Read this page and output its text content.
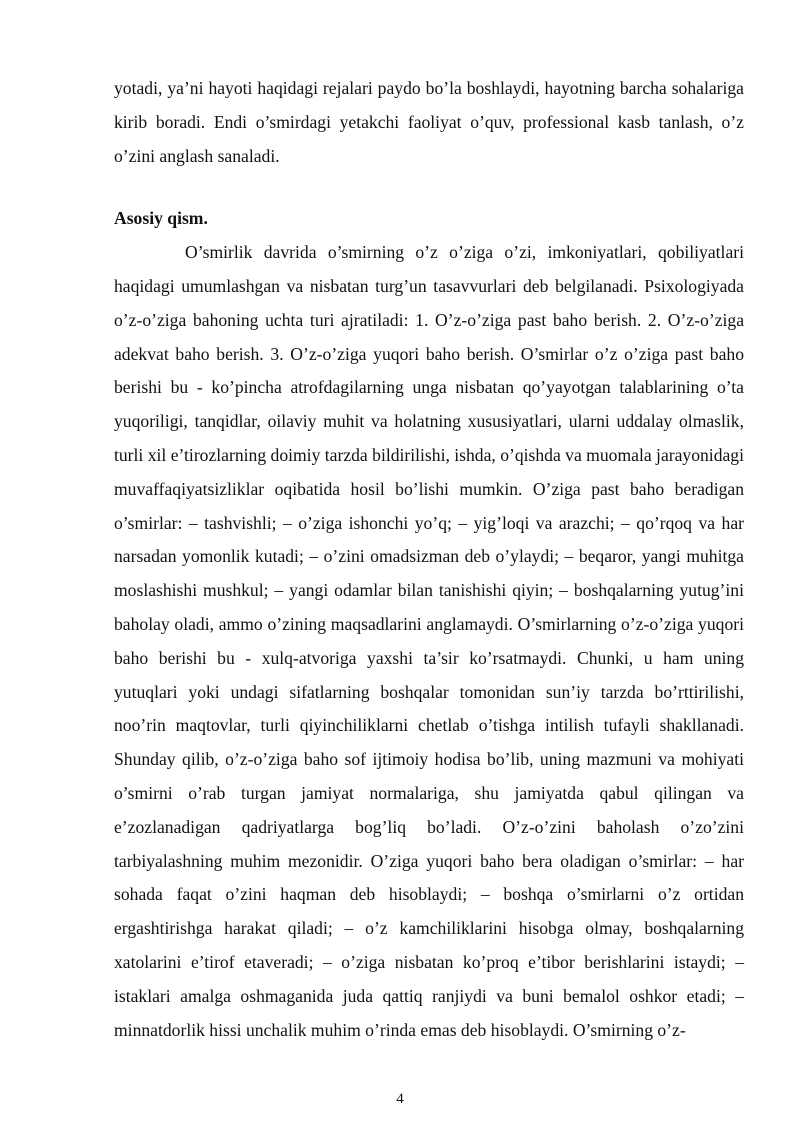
yotadi, ya’ni hayoti haqidagi rejalari paydo bo’la boshlaydi, hayotning barcha sohalariga kirib boradi. Endi o’smirdagi yetakchi faoliyat o’quv, professional kasb tanlash, o’z o’zini anglash sanaladi.

Asosiy qism.

O’smirlik davrida o’smirning o’z o’ziga o’zi, imkoniyatlari, qobiliyatlari haqidagi umumlashgan va nisbatan turg’un tasavvurlari deb belgilanadi. Psixologiyada o’z-o’ziga bahoning uchta turi ajratiladi: 1. O’z-o’ziga past baho berish. 2. O’z-o’ziga adekvat baho berish. 3. O’z-o’ziga yuqori baho berish. O’smirlar o’z o’ziga past baho berishi bu - ko’pincha atrofdagilarning unga nisbatan qo’yayotgan talablarining o’ta yuqoriligi, tanqidlar, oilaviy muhit va holatning xususiyatlari, ularni uddalay olmaslik, turli xil e’tirozlarning doimiy tarzda bildirilishi, ishda, o’qishda va muomala jarayonidagi muvaffaqiyatsizliklar oqibatida hosil bo’lishi mumkin. O’ziga past baho beradigan o’smirlar: – tashvishli; – o’ziga ishonchi yo’q; – yig’loqi va arazchi; – qo’rqoq va har narsadan yomonlik kutadi; – o’zini omadsizman deb o’ylaydi; – beqaror, yangi muhitga moslashishi mushkul; – yangi odamlar bilan tanishishi qiyin; – boshqalarning yutug’ini baholay oladi, ammo o’zining maqsadlarini anglamaydi. O’smirlarning o’z-o’ziga yuqori baho berishi bu - xulq-atvoriga yaxshi ta’sir ko’rsatmaydi. Chunki, u ham uning yutuqlari yoki undagi sifatlarning boshqalar tomonidan sun’iy tarzda bo’rttirilishi, noo’rin maqtovlar, turli qiyinchiliklarni chetlab o’tishga intilish tufayli shakllanadi. Shunday qilib, o’z-o’ziga baho sof ijtimoiy hodisa bo’lib, uning mazmuni va mohiyati o’smirni o’rab turgan jamiyat normalariga, shu jamiyatda qabul qilingan va e’zozlanadigan qadriyatlarga bog’liq bo’ladi. O’z-o’zini baholash o’zo’zini tarbiyalashning muhim mezonidir. O’ziga yuqori baho bera oladigan o’smirlar: – har sohada faqat o’zini haqman deb hisoblaydi; – boshqa o’smirlarni o’z ortidan ergashtirishga harakat qiladi; – o’z kamchiliklarini hisobga olmay, boshqalarning xatolarini e’tirof etaveradi; – o’ziga nisbatan ko’proq e’tibor berishlarini istaydi; – istaklari amalga oshmaganida juda qattiq ranjiydi va buni bemalol oshkor etadi; – minnatdorlik hissi unchalik muhim o’rinda emas deb hisoblaydi. O’smirning o’z-

4
